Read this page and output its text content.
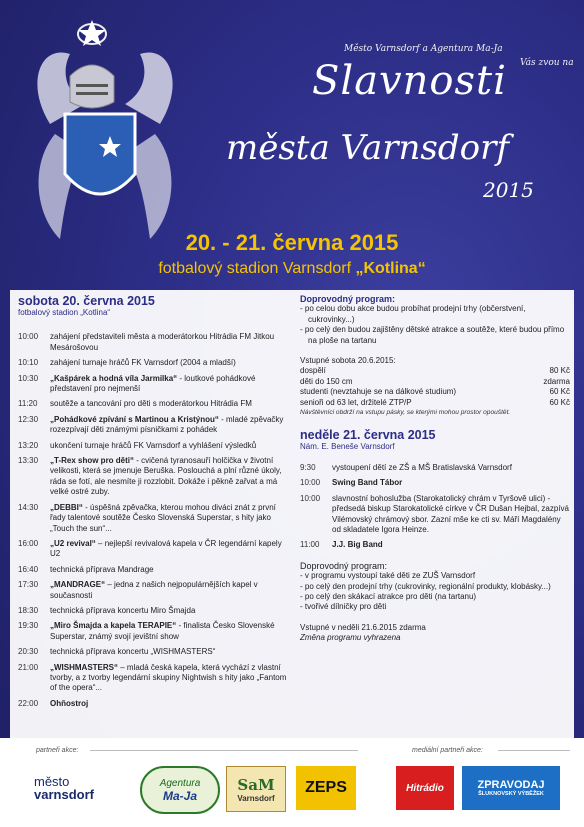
Město Varnsdorf a Agentura Ma-Ja
Vás zvou na
Slavnosti
města Varnsdorf
2015
20. - 21. června 2015
fotbalový stadion Varnsdorf „Kotlina“
sobota 20. června 2015
fotbalový stadion „Kotlina“
10:00	zahájení představiteli města a moderátorkou Hitrádia FM Jitkou Mesárošovou
10:10	zahájení turnaje hráčů FK Varnsdorf (2004 a mladší)
10:30	„Kašpárek a hodná víla Jarmilka“ - loutkové pohádkové představení pro nejmenší
11:20	soutěže a tancování pro děti s moderátorkou Hitrádia FM
12:30	„Pohádkové zpívání s Martinou a Kristýnou“ - mladé zpěvačky rozezpívají děti známými písničkami z pohádek
13:20	ukončení turnaje hráčů FK Varnsdorf a vyhlášení výsledků
13:30	„T-Rex show pro děti“ - cvičená tyranosauří holčička v životní velikosti, která se jmenuje Beruška. Poslouchá a plní různé úkoly, ráda se fotí, ale nesmíte ji rozzlobit. Dokáže i pěkně zařvat a má velké ostré zuby.
14:30	„DEBBI“ - úspěšná zpěvačka, kterou mohou diváci znát z první řady talentové soutěže Česko Slovenská Superstar, s hity jako „Touch the sun“...
16:00	„U2 revival“ – nejlepší revivalová kapela v ČR legendární kapely U2
16:40	technická příprava Mandrage
17:30	„MANDRAGE“ – jedna z našich nejpopulárnějších kapel v současnosti
18:30	technická příprava koncertu Miro Šmajda
19:30	„Miro Šmajda a kapela TERAPIE“ - finalista Česko Slovenské Superstar, známý svojí jevištní show
20:30	technická příprava koncertu „WISHMASTERS“
21:00	„WISHMASTERS“ – mladá česká kapela, která vychází z vlastní tvorby, a z tvorby legendární skupiny Nightwish s hity jako „Fantom of the opera“...
22:00	Ohňostroj
Doprovodný program:
- po celou dobu akce budou probíhat prodejní trhy (občerstvení, cukrovinky...)
- po celý den budou zajištěny dětské atrakce a soutěže, které budou přímo na ploše na tartanu
Vstupné sobota 20.6.2015:
dospělí	80 Kč
děti do 150 cm	zdarma
studenti (nevztahuje se na dálkové studium)	60 Kč
senioři od 63 let, držitelé ZTP/P	60 Kč
Návštěvníci obdrží na vstupu pásky, se kterými mohou prostor opouštět.
neděle 21. června 2015
Nám. E. Beneše Varnsdorf
9:30	vystoupení dětí ze ZŠ a MŠ Bratislavská Varnsdorf
10:00	Swing Band Tábor
10:00	slavnostní bohoslužba (Starokatolický chrám v Tyršově ulici) - předsedá biskup Starokatolické církve v ČR Dušan Hejbal, zazpívá Vilémovský chrámový sbor. Zazní mše ke cti sv. Máří Magdalény od skladatele Igora Heinze.
11:00	J.J. Big Band
Doprovodný program:
- v programu vystoupí také děti ze ZUŠ Varnsdorf
- po celý den prodejní trhy (cukrovinky, regionální produkty, klobásky...)
- po celý den skákací atrakce pro děti (na tartanu)
- tvořivé dílničky pro děti
Vstupné v neděli 21.6.2015 zdarma
Změna programu vyhrazena
partneři akce:	mediální partneři akce:
město
varnsdorf
Agentura
Ma-Ja
SaM
Varnsdorf
ZEPS	Hitrádio	ZPRAVODAJ
ŠLUKNOVSKÝ VÝBĚŽEK
